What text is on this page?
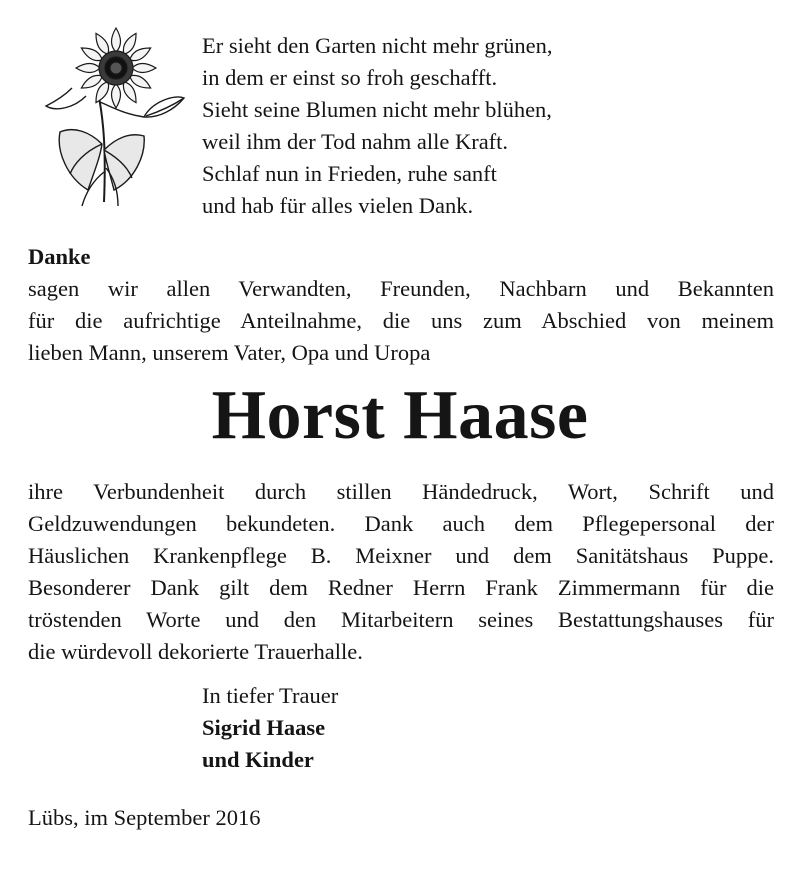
Er sieht den Garten nicht mehr grünen,
in dem er einst so froh geschafft.
Sieht seine Blumen nicht mehr blühen,
weil ihm der Tod nahm alle Kraft.
Schlaf nun in Frieden, ruhe sanft
und hab für alles vielen Dank.
Danke
sagen wir allen Verwandten, Freunden, Nachbarn und Bekannten
für die aufrichtige Anteilnahme, die uns zum Abschied von meinem
lieben Mann, unserem Vater, Opa und Uropa
Horst Haase
ihre Verbundenheit durch stillen Händedruck, Wort, Schrift und
Geldzuwendungen bekundeten. Dank auch dem Pflegepersonal der
Häuslichen Krankenpflege B. Meixner und dem Sanitätshaus Puppe.
Besonderer Dank gilt dem Redner Herrn Frank Zimmermann für die
tröstenden Worte und den Mitarbeitern seines Bestattungshauses für
die würdevoll dekorierte Trauerhalle.
In tiefer Trauer
Sigrid Haase
und Kinder
Lübs, im September 2016
